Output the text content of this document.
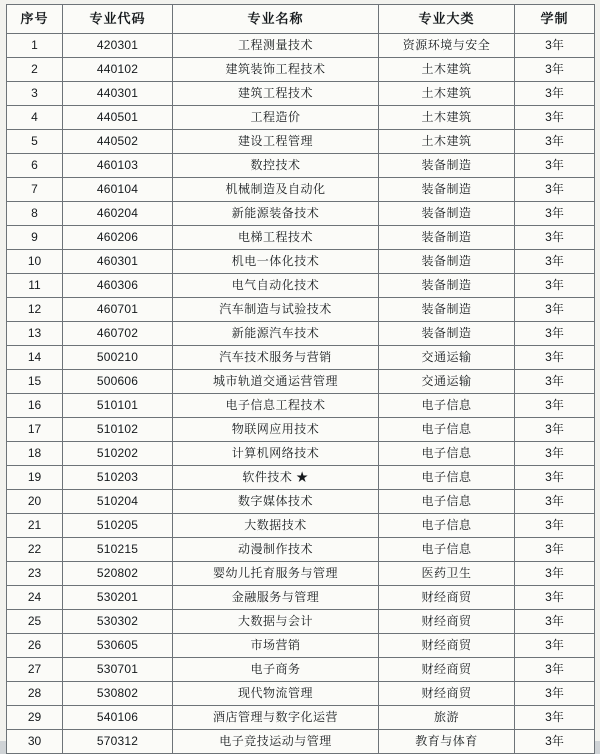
序号	专业代码	专业名称	专业大类	学制
1	420301	工程测量技术	资源环境与安全	3年
2	440102	建筑装饰工程技术	土木建筑	3年
3	440301	建筑工程技术	土木建筑	3年
4	440501	工程造价	土木建筑	3年
5	440502	建设工程管理	土木建筑	3年
6	460103	数控技术	装备制造	3年
7	460104	机械制造及自动化	装备制造	3年
8	460204	新能源装备技术	装备制造	3年
9	460206	电梯工程技术	装备制造	3年
10	460301	机电一体化技术	装备制造	3年
11	460306	电气自动化技术	装备制造	3年
12	460701	汽车制造与试验技术	装备制造	3年
13	460702	新能源汽车技术	装备制造	3年
14	500210	汽车技术服务与营销	交通运输	3年
15	500606	城市轨道交通运营管理	交通运输	3年
16	510101	电子信息工程技术	电子信息	3年
17	510102	物联网应用技术	电子信息	3年
18	510202	计算机网络技术	电子信息	3年
19	510203	软件技术 ★	电子信息	3年
20	510204	数字媒体技术	电子信息	3年
21	510205	大数据技术	电子信息	3年
22	510215	动漫制作技术	电子信息	3年
23	520802	婴幼儿托育服务与管理	医药卫生	3年
24	530201	金融服务与管理	财经商贸	3年
25	530302	大数据与会计	财经商贸	3年
26	530605	市场营销	财经商贸	3年
27	530701	电子商务	财经商贸	3年
28	530802	现代物流管理	财经商贸	3年
29	540106	酒店管理与数字化运营	旅游	3年
30	570312	电子竞技运动与管理	教育与体育	3年
